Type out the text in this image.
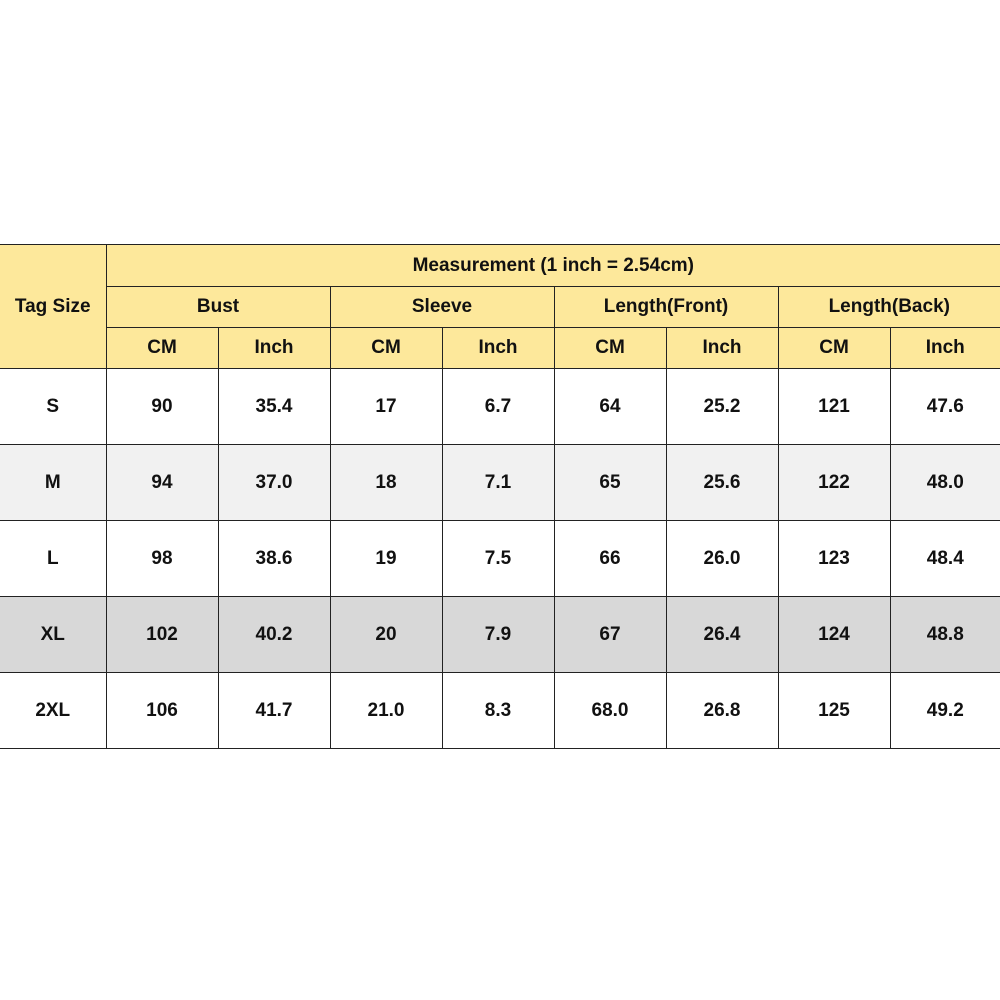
Tag Size	Measurement (1 inch = 2.54cm)							
	Bust		Sleeve		Length(Front)		Length(Back)	
	CM	Inch	CM	Inch	CM	Inch	CM	Inch
S	90	35.4	17	6.7	64	25.2	121	47.6
M	94	37.0	18	7.1	65	25.6	122	48.0
L	98	38.6	19	7.5	66	26.0	123	48.4
XL	102	40.2	20	7.9	67	26.4	124	48.8
2XL	106	41.7	21.0	8.3	68.0	26.8	125	49.2
